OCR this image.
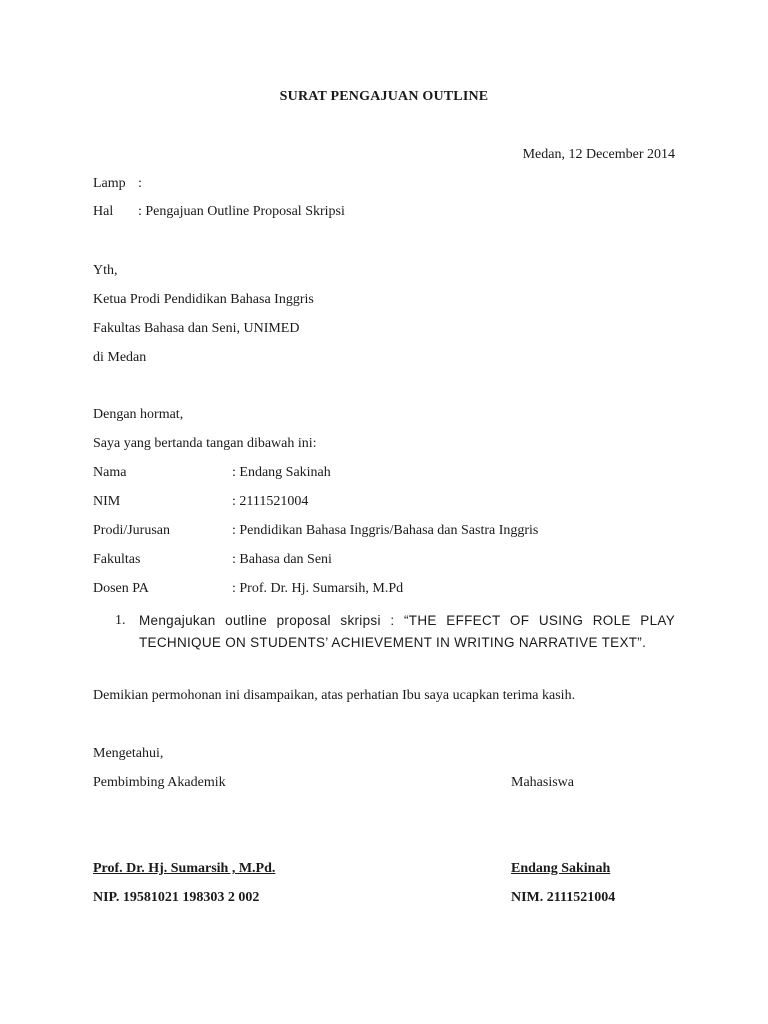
SURAT PENGAJUAN OUTLINE
Medan, 12 December 2014
Lamp :
Hal : Pengajuan Outline Proposal Skripsi
Yth,
Ketua Prodi Pendidikan Bahasa Inggris
Fakultas Bahasa dan Seni, UNIMED
di Medan
Dengan hormat,
Saya yang bertanda tangan dibawah ini:
Nama	: Endang Sakinah
NIM	: 2111521004
Prodi/Jurusan	: Pendidikan Bahasa Inggris/Bahasa dan Sastra Inggris
Fakultas	: Bahasa dan Seni
Dosen PA	: Prof. Dr. Hj. Sumarsih, M.Pd
1. Mengajukan outline proposal skripsi : “THE EFFECT OF USING ROLE PLAY TECHNIQUE ON STUDENTS’ ACHIEVEMENT IN WRITING NARRATIVE TEXT”.
Demikian permohonan ini disampaikan, atas perhatian Ibu saya ucapkan terima kasih.
Mengetahui,
Pembimbing Akademik	Mahasiswa
Prof. Dr. Hj. Sumarsih , M.Pd.	Endang Sakinah
NIP. 19581021 198303 2 002	NIM. 2111521004
